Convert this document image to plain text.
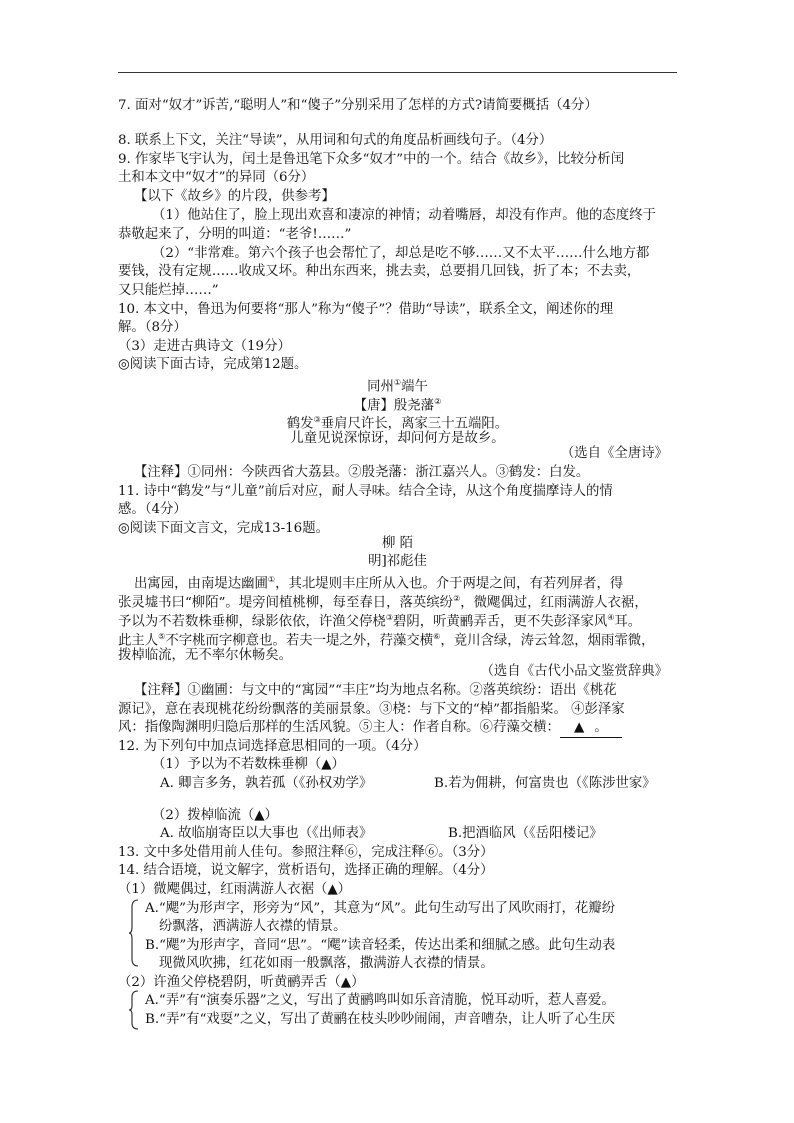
7. 面对“奴才”诉苦,“聪明人”和“傻子”分别采用了怎样的方式?请简要概括（4分）
8. 联系上下文，关注“导读”，从用词和句式的角度品析画线句子。（4分）
9. 作家毕飞宇认为，闰土是鲁迅笔下众多“奴才”中的一个。结合《故乡》，比较分析闰
土和本文中“奴才”的异同（6分）
【以下《故乡》的片段，供参考】
（1）他站住了，脸上现出欢喜和凄凉的神情；动着嘴唇，却没有作声。他的态度终于
恭敬起来了，分明的叫道：“老爷!……”
（2）“非常难。第六个孩子也会帮忙了，却总是吃不够……又不太平……什么地方都
要钱，没有定规……收成又坏。种出东西来，挑去卖，总要捐几回钱，折了本；不去卖，
又只能烂掉……”
10. 本文中，鲁迅为何要将“那人”称为“傻子”？借助“导读”，联系全文，阐述你的理
解。（8分）
（3）走进古典诗文（19分）
◎阅读下面古诗，完成第12题。
同州①端午
【唐】殷尧藩②
鹤发③垂肩尺许长，离家三十五端阳。
儿童见说深惊讶，却问何方是故乡。
（选自《全唐诗》
【注释】①同州：今陕西省大荔县。②殷尧藩：浙江嘉兴人。③鹤发：白发。
11. 诗中“鹤发”与“儿童”前后对应，耐人寻味。结合全诗，从这个角度揣摩诗人的情
感。（4分）
◎阅读下面文言文，完成13-16题。
柳 陌
明]祁彪佳
出寓园，由南堤达幽圃①，其北堤则丰庄所从入也。介于两堤之间，有若列屏者，得
张灵墟书曰“柳陌”。堤旁间植桃柳，每至春日，落英缤纷②，微飔偶过，红雨满游人衣裾，
予以为不若数株垂柳，绿影依依，许渔父停桡③碧阴，听黄鹂弄舌，更不失彭泽家风④耳。
此主人⑤不字桃而字柳意也。若夫一堤之外，荇藻交横⑥，竟川含绿，涛云耸忽，烟雨霏微，
拨棹临流，无不率尔休畅矣。
（选自《古代小品文鉴赏辞典》
【注释】①幽圃：与文中的“寓园”“丰庄”均为地点名称。②落英缤纷：语出《桃花
源记》，意在表现桃花纷纷飘落的美丽景象。③桡：与下文的“棹”都指船桨。 ④彭泽家
风：指像陶渊明归隐后那样的生活风貌。⑤主人：作者自称。⑥荇藻交横： ▲ 。
12. 为下列句中加点词选择意思相同的一项。（4分）
（1）予以为不若数株垂柳（▲）
A. 卿言多务，孰若孤（《孙权劝学》	B.若为佣耕，何富贵也（《陈涉世家》
（2）拨棹临流（▲）
A. 故临崩寄臣以大事也（《出师表》	B.把酒临风（《岳阳楼记》
13. 文中多处借用前人佳句。参照注释⑥，完成注释⑥。（3分）
14. 结合语境，说文解字，赏析语句，选择正确的理解。（4分）
（1）微飔偶过，红雨满游人衣裾（▲）
A.“飔”为形声字，形旁为“风”，其意为“风”。此句生动写出了风吹雨打，花瓣纷
纷飘落，洒满游人衣襟的情景。
B.“飔”为形声字，音同“思”。“飔”读音轻柔，传达出柔和细腻之感。此句生动表
现微风吹拂，红花如雨一般飘落，撒满游人衣襟的情景。
（2）许渔父停桡碧阴，听黄鹂弄舌（▲）
A.“弄”有“演奏乐器”之义，写出了黄鹂鸣叫如乐音清脆，悦耳动听，惹人喜爱。
B.“弄”有“戏耍”之义，写出了黄鹂在枝头吵吵闹闹，声音嘈杂，让人听了心生厌
